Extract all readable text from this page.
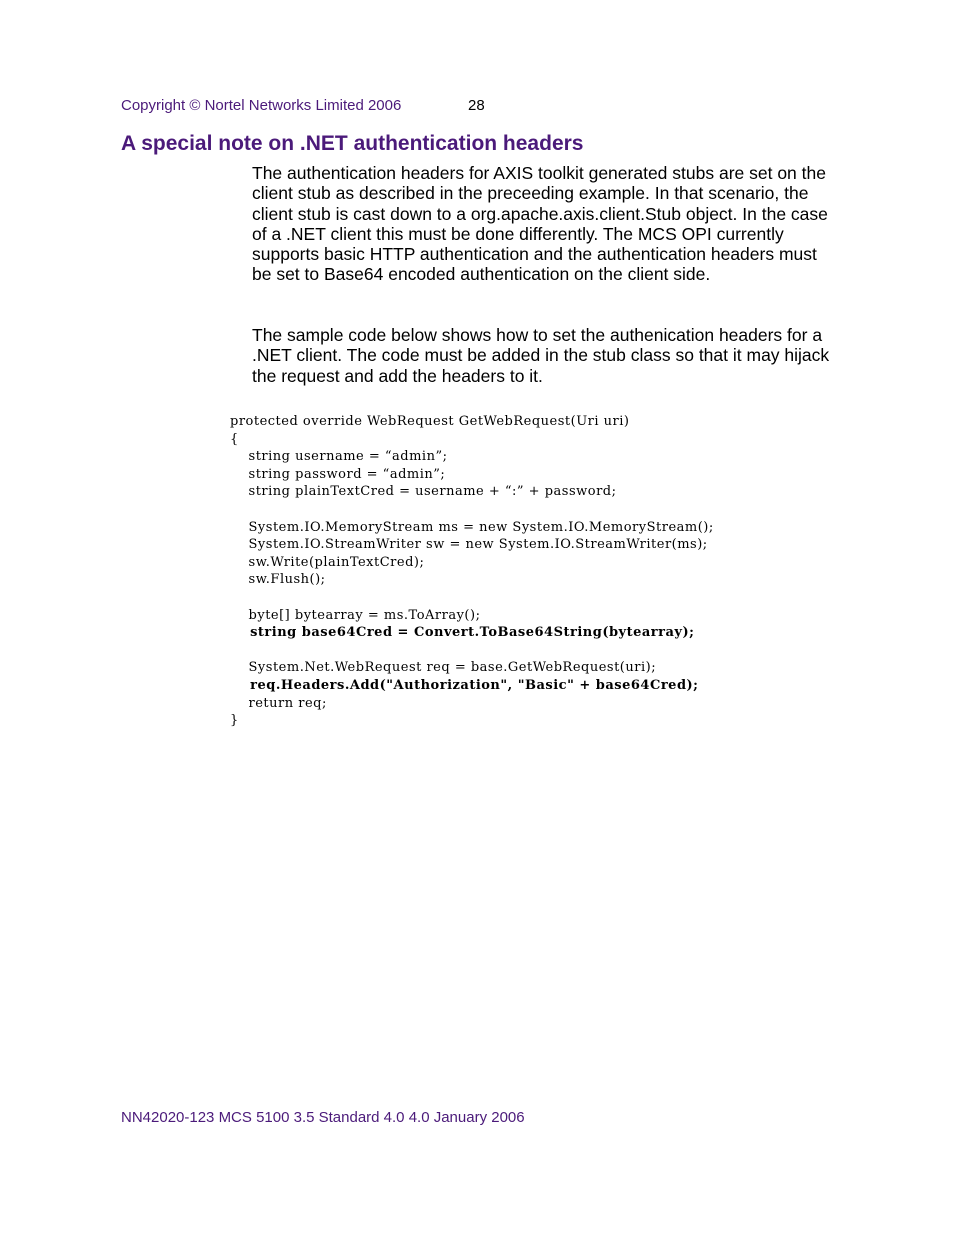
Copyright © Nortel Networks Limited 2006	28
A special note on .NET authentication headers

The authentication headers for AXIS toolkit generated stubs are set on the client stub as described in the preceeding example. In that scenario, the client stub is cast down to a org.apache.axis.client.Stub object. In the case of a .NET client this must be done differently. The MCS OPI currently supports basic HTTP authentication and the authentication headers must be set to Base64 encoded authentication on the client side.

The sample code below shows how to set the authenication headers for a .NET client. The code must be added in the stub class so that it may hijack the request and add the headers to it.

protected override WebRequest GetWebRequest(Uri uri)
{
string username = “admin”;
string password = “admin”;
string plainTextCred = username + “:” + password;
System.IO.MemoryStream ms = new System.IO.MemoryStream();
System.IO.StreamWriter sw = new System.IO.StreamWriter(ms);
sw.Write(plainTextCred);
sw.Flush();
byte[] bytearray = ms.ToArray();
string base64Cred = Convert.ToBase64String(bytearray);
System.Net.WebRequest req = base.GetWebRequest(uri);
req.Headers.Add("Authorization", "Basic" + base64Cred);
return req;
}
NN42020-123 MCS 5100 3.5 Standard 4.0 4.0 January 2006
